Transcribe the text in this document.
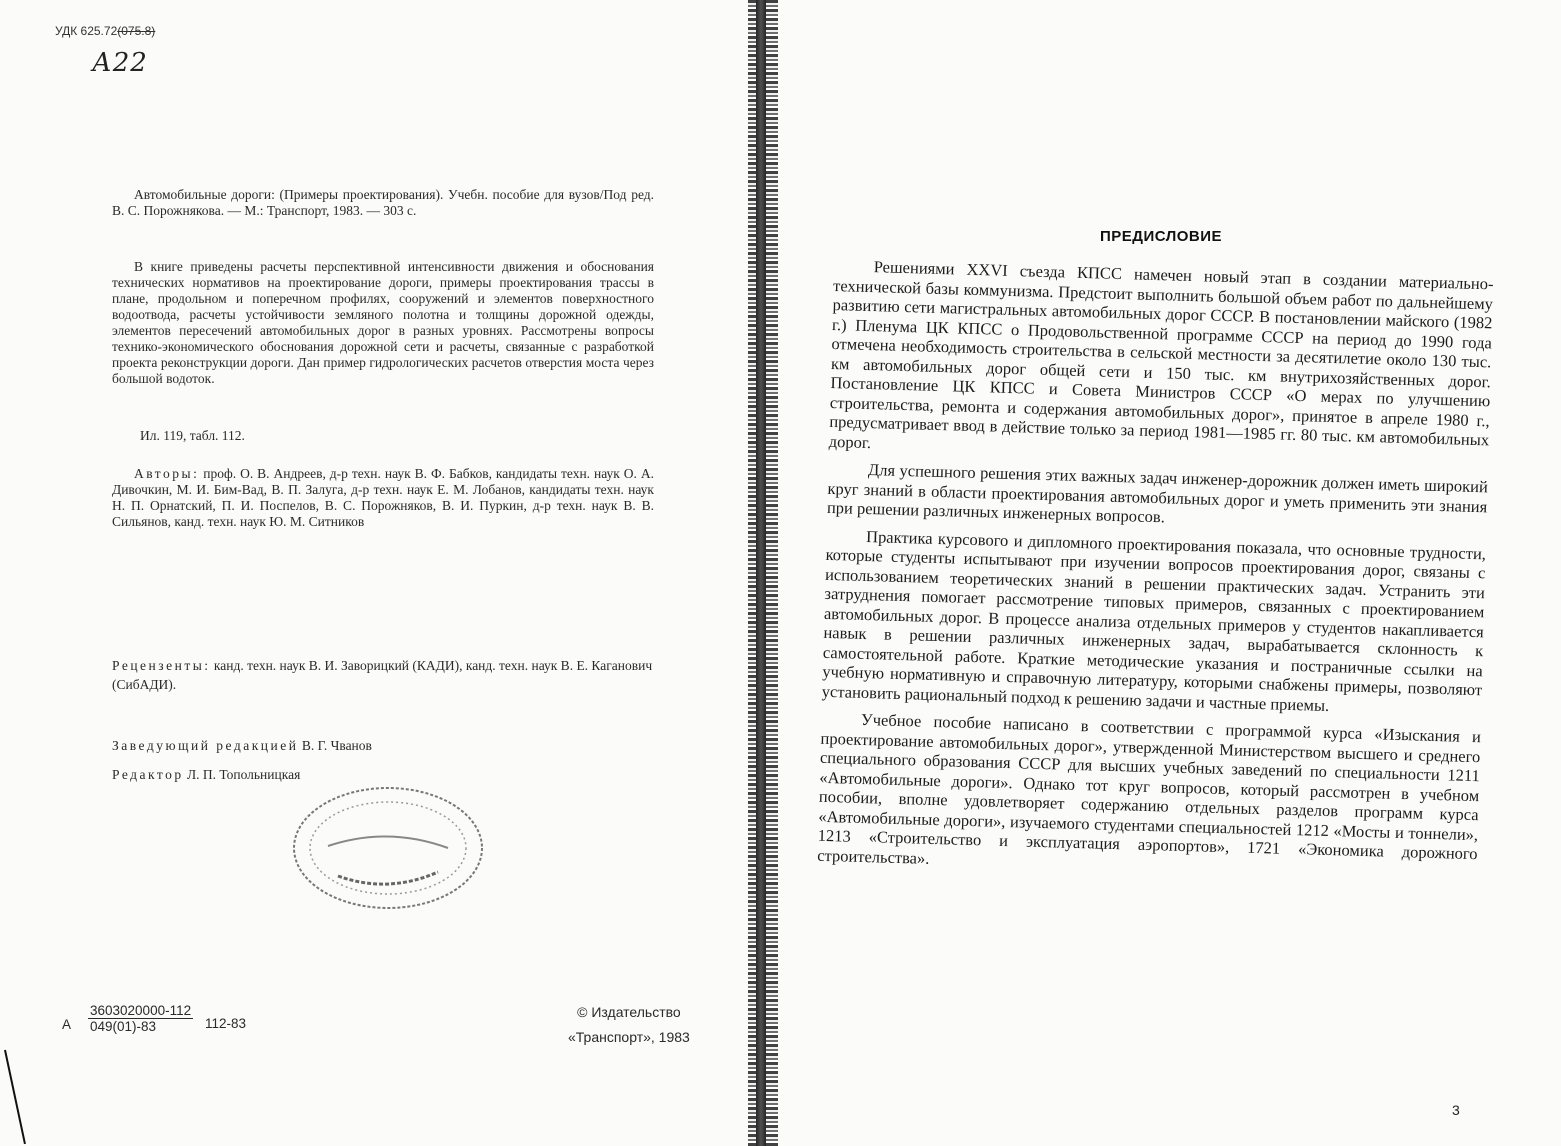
УДК 625.72(075.8)
А22

Автомобильные дороги: (Примеры проектирования). Учебн. пособие для вузов/Под ред. В. С. Порожнякова. — М.: Транспорт, 1983. — 303 с.

В книге приведены расчеты перспективной интенсивности движения и обоснования технических нормативов на проектирование дороги, примеры проектирования трассы в плане, продольном и поперечном профилях, сооружений и элементов поверхностного водоотвода, расчеты устойчивости земляного полотна и толщины дорожной одежды, элементов пересечений автомобильных дорог в разных уровнях. Рассмотрены вопросы технико-экономического обоснования дорожной сети и расчеты, связанные с разработкой проекта реконструкции дороги. Дан пример гидрологических расчетов отверстия моста через большой водоток.

Ил. 119, табл. 112.

Авторы: проф. О. В. Андреев, д-р техн. наук В. Ф. Бабков, кандидаты техн. наук О. А. Дивочкин, М. И. Бим-Вад, В. П. Залуга, д-р техн. наук Е. М. Лобанов, кандидаты техн. наук Н. П. Орнатский, П. И. Поспелов, В. С. Порожняков, В. И. Пуркин, д-р техн. наук В. В. Сильянов, канд. техн. наук Ю. М. Ситников

Рецензенты: канд. техн. наук В. И. Заворицкий (КАДИ), канд. техн. наук В. Е. Каганович (СибАДИ).
Заведующий редакцией В. Г. Чванов
Редактор Л. П. Топольницкая
А $\frac{3603020000-112}{049(01)-83} 112-83$
© Издательство
«Транспорт», 1983
ПРЕДИСЛОВИЕ

Решениями XXVI съезда КПСС намечен новый этап в создании материально-технической базы коммунизма. Предстоит выполнить большой объем работ по дальнейшему развитию сети магистральных автомобильных дорог СССР. В постановлении майского (1982 г.) Пленума ЦК КПСС о Продовольственной программе СССР на период до 1990 года отмечена необходимость строительства в сельской местности за десятилетие около 130 тыс. км автомобильных дорог общей сети и 150 тыс. км внутрихозяйственных дорог. Постановление ЦК КПСС и Совета Министров СССР «О мерах по улучшению строительства, ремонта и содержания автомобильных дорог», принятое в апреле 1980 г., предусматривает ввод в действие только за период 1981—1985 гг. 80 тыс. км автомобильных дорог.

Для успешного решения этих важных задач инженер-дорожник должен иметь широкий круг знаний в области проектирования автомобильных дорог и уметь применить эти знания при решении различных инженерных вопросов.

Практика курсового и дипломного проектирования показала, что основные трудности, которые студенты испытывают при изучении вопросов проектирования дорог, связаны с использованием теоретических знаний в решении практических задач. Устранить эти затруднения помогает рассмотрение типовых примеров, связанных с проектированием автомобильных дорог. В процессе анализа отдельных примеров у студентов накапливается навык в решении различных инженерных задач, вырабатывается склонность к самостоятельной работе. Краткие методические указания и постраничные ссылки на учебную нормативную и справочную литературу, которыми снабжены примеры, позволяют установить рациональный подход к решению задачи и частные приемы.

Учебное пособие написано в соответствии с программой курса «Изыскания и проектирование автомобильных дорог», утвержденной Министерством высшего и среднего специального образования СССР для высших учебных заведений по специальности 1211 «Автомобильные дороги». Однако тот круг вопросов, который рассмотрен в учебном пособии, вполне удовлетворяет содержанию отдельных разделов программ курса «Автомобильные дороги», изучаемого студентами специальностей 1212 «Мосты и тоннели», 1213 «Строительство и эксплуатация аэропортов», 1721 «Экономика дорожного строительства».

3
